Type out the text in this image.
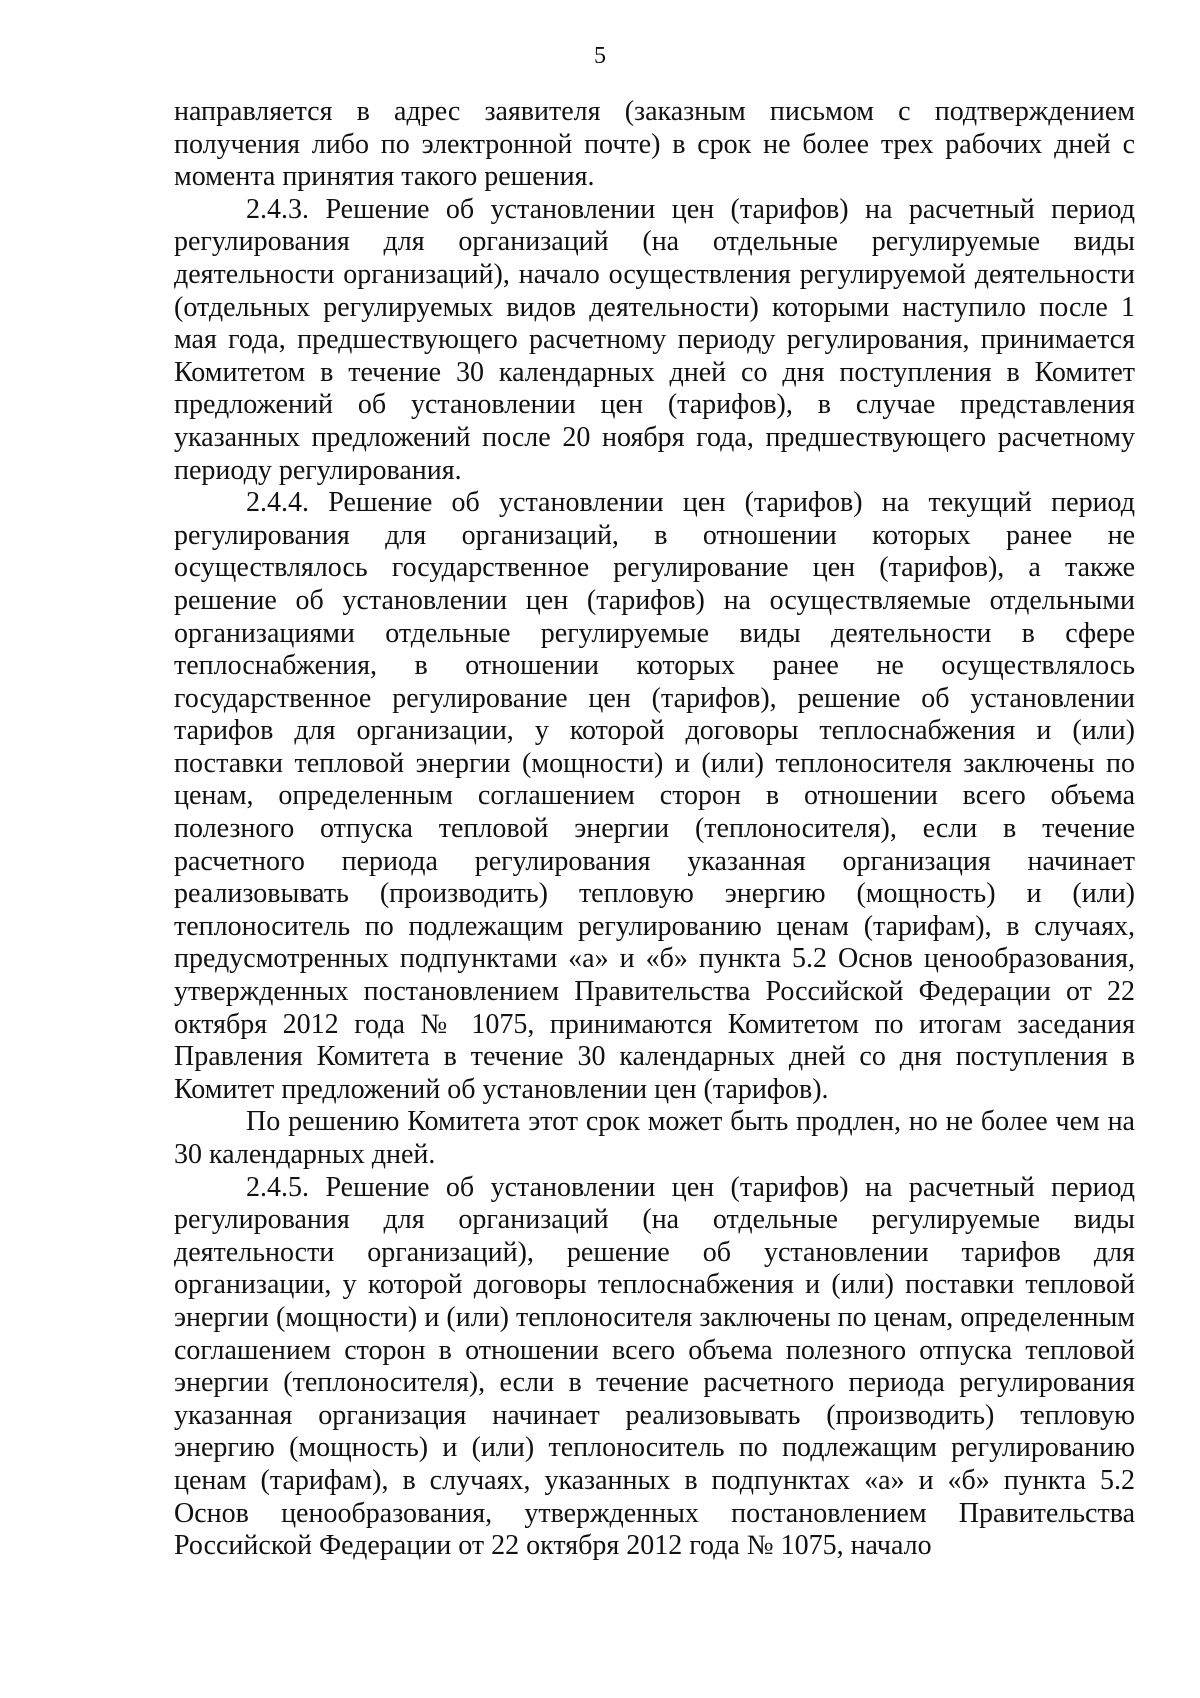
5

направляется в адрес заявителя (заказным письмом с подтверждением получения либо по электронной почте) в срок не более трех рабочих дней с момента принятия такого решения.

2.4.3. Решение об установлении цен (тарифов) на расчетный период регулирования для организаций (на отдельные регулируемые виды деятельности организаций), начало осуществления регулируемой деятельности (отдельных регулируемых видов деятельности) которыми наступило после 1 мая года, предшествующего расчетному периоду регулирования, принимается Комитетом в течение 30 календарных дней со дня поступления в Комитет предложений об установлении цен (тарифов), в случае представления указанных предложений после 20 ноября года, предшествующего расчетному периоду регулирования.

2.4.4. Решение об установлении цен (тарифов) на текущий период регулирования для организаций, в отношении которых ранее не осуществлялось государственное регулирование цен (тарифов), а также решение об установлении цен (тарифов) на осуществляемые отдельными организациями отдельные регулируемые виды деятельности в сфере теплоснабжения, в отношении которых ранее не осуществлялось государственное регулирование цен (тарифов), решение об установлении тарифов для организации, у которой договоры теплоснабжения и (или) поставки тепловой энергии (мощности) и (или) теплоносителя заключены по ценам, определенным соглашением сторон в отношении всего объема полезного отпуска тепловой энергии (теплоносителя), если в течение расчетного периода регулирования указанная организация начинает реализовывать (производить) тепловую энергию (мощность) и (или) теплоноситель по подлежащим регулированию ценам (тарифам), в случаях, предусмотренных подпунктами «а» и «б» пункта 5.2 Основ ценообразования, утвержденных постановлением Правительства Российской Федерации от 22 октября 2012 года № 1075, принимаются Комитетом по итогам заседания Правления Комитета в течение 30 календарных дней со дня поступления в Комитет предложений об установлении цен (тарифов).

По решению Комитета этот срок может быть продлен, но не более чем на 30 календарных дней.

2.4.5. Решение об установлении цен (тарифов) на расчетный период регулирования для организаций (на отдельные регулируемые виды деятельности организаций), решение об установлении тарифов для организации, у которой договоры теплоснабжения и (или) поставки тепловой энергии (мощности) и (или) теплоносителя заключены по ценам, определенным соглашением сторон в отношении всего объема полезного отпуска тепловой энергии (теплоносителя), если в течение расчетного периода регулирования указанная организация начинает реализовывать (производить) тепловую энергию (мощность) и (или) теплоноситель по подлежащим регулированию ценам (тарифам), в случаях, указанных в подпунктах «а» и «б» пункта 5.2 Основ ценообразования, утвержденных постановлением Правительства Российской Федерации от 22 октября 2012 года № 1075, начало
